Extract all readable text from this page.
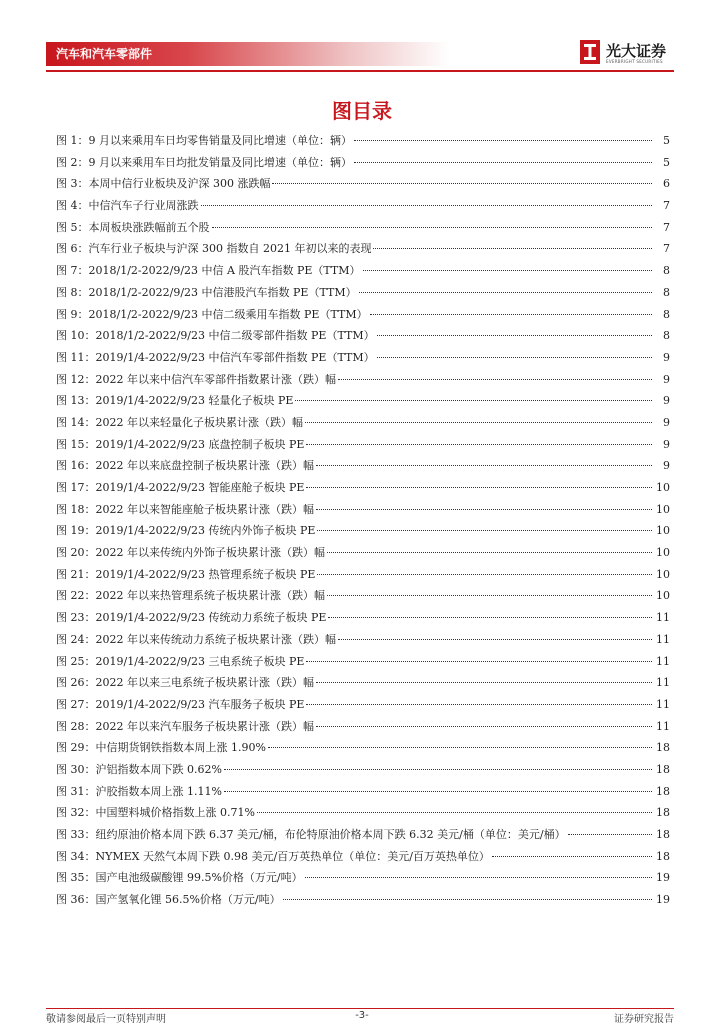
汽车和汽车零部件	光大证券
EVERBRIGHT SECURITIES
图目录
图 1：9 月以来乘用车日均零售销量及同比增速（单位：辆）	5
图 2：9 月以来乘用车日均批发销量及同比增速（单位：辆）	5
图 3：本周中信行业板块及沪深 300 涨跌幅	6
图 4：中信汽车子行业周涨跌	7
图 5：本周板块涨跌幅前五个股	7
图 6：汽车行业子板块与沪深 300 指数自 2021 年初以来的表现	7
图 7：2018/1/2-2022/9/23 中信 A 股汽车指数 PE（TTM）	8
图 8：2018/1/2-2022/9/23 中信港股汽车指数 PE（TTM）	8
图 9：2018/1/2-2022/9/23 中信二级乘用车指数 PE（TTM）	8
图 10：2018/1/2-2022/9/23 中信二级零部件指数 PE（TTM）	8
图 11：2019/1/4-2022/9/23 中信汽车零部件指数 PE（TTM）	9
图 12：2022 年以来中信汽车零部件指数累计涨（跌）幅	9
图 13：2019/1/4-2022/9/23 轻量化子板块 PE	9
图 14：2022 年以来轻量化子板块累计涨（跌）幅	9
图 15：2019/1/4-2022/9/23 底盘控制子板块 PE	9
图 16：2022 年以来底盘控制子板块累计涨（跌）幅	9
图 17：2019/1/4-2022/9/23 智能座舱子板块 PE	10
图 18：2022 年以来智能座舱子板块累计涨（跌）幅	10
图 19：2019/1/4-2022/9/23 传统内外饰子板块 PE	10
图 20：2022 年以来传统内外饰子板块累计涨（跌）幅	10
图 21：2019/1/4-2022/9/23 热管理系统子板块 PE	10
图 22：2022 年以来热管理系统子板块累计涨（跌）幅	10
图 23：2019/1/4-2022/9/23 传统动力系统子板块 PE	11
图 24：2022 年以来传统动力系统子板块累计涨（跌）幅	11
图 25：2019/1/4-2022/9/23 三电系统子板块 PE	11
图 26：2022 年以来三电系统子板块累计涨（跌）幅	11
图 27：2019/1/4-2022/9/23 汽车服务子板块 PE	11
图 28：2022 年以来汽车服务子板块累计涨（跌）幅	11
图 29：中信期货钢铁指数本周上涨 1.90%	18
图 30：沪铝指数本周下跌 0.62%	18
图 31：沪胶指数本周上涨 1.11%	18
图 32：中国塑料城价格指数上涨 0.71%	18
图 33：纽约原油价格本周下跌 6.37 美元/桶，布伦特原油价格本周下跌 6.32 美元/桶（单位：美元/桶）	18
图 34：NYMEX 天然气本周下跌 0.98 美元/百万英热单位（单位：美元/百万英热单位）	18
图 35：国产电池级碳酸锂 99.5%价格（万元/吨）	19
图 36：国产氢氧化锂 56.5%价格（万元/吨）	19
敬请参阅最后一页特别声明	-3-	证券研究报告
